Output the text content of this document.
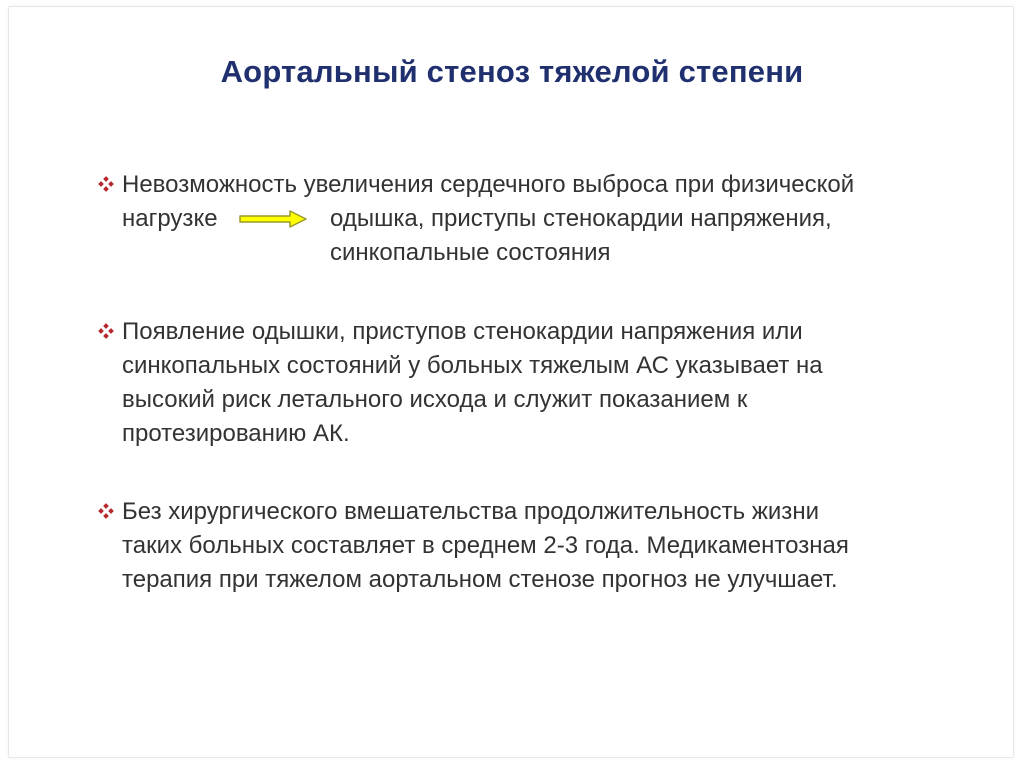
Аортальный стеноз тяжелой степени
Невозможность увеличения сердечного выброса при физической
нагрузке	одышка, приступы стенокардии напряжения,
синкопальные состояния
Появление одышки, приступов стенокардии напряжения или
синкопальных состояний у больных тяжелым АС указывает на
высокий риск летального исхода и служит показанием к
протезированию АК.
Без хирургического вмешательства продолжительность жизни
таких больных составляет в среднем 2-3 года. Медикаментозная
терапия при тяжелом аортальном стенозе прогноз не улучшает.
